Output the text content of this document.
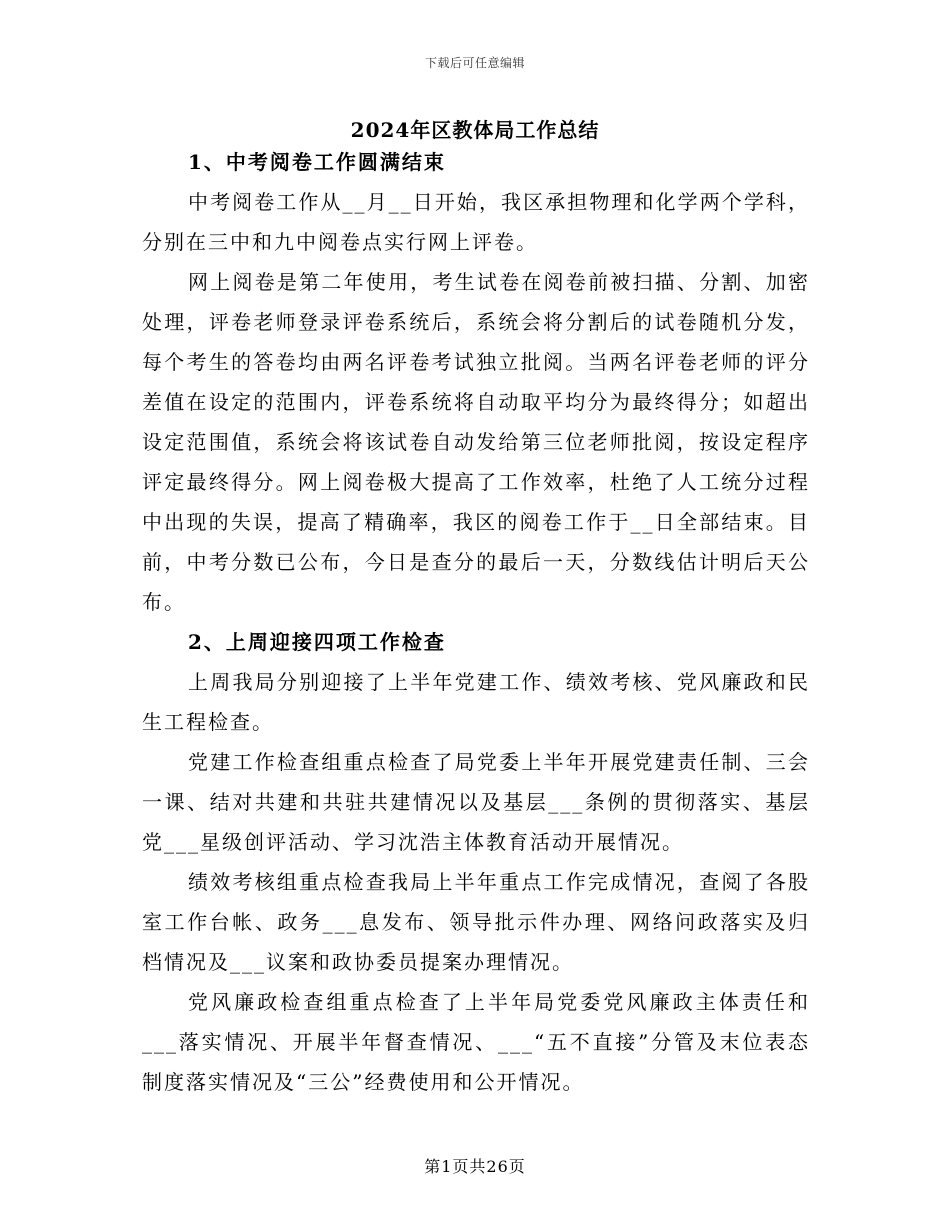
下载后可任意编辑
2024年区教体局工作总结
1、中考阅卷工作圆满结束

中考阅卷工作从__月__日开始，我区承担物理和化学两个学科，分别在三中和九中阅卷点实行网上评卷。

网上阅卷是第二年使用，考生试卷在阅卷前被扫描、分割、加密处理，评卷老师登录评卷系统后，系统会将分割后的试卷随机分发，每个考生的答卷均由两名评卷考试独立批阅。当两名评卷老师的评分差值在设定的范围内，评卷系统将自动取平均分为最终得分；如超出设定范围值，系统会将该试卷自动发给第三位老师批阅，按设定程序评定最终得分。网上阅卷极大提高了工作效率，杜绝了人工统分过程中出现的失误，提高了精确率，我区的阅卷工作于__日全部结束。目前，中考分数已公布，今日是查分的最后一天，分数线估计明后天公布。

2、上周迎接四项工作检查

上周我局分别迎接了上半年党建工作、绩效考核、党风廉政和民生工程检查。

党建工作检查组重点检查了局党委上半年开展党建责任制、三会一课、结对共建和共驻共建情况以及基层___条例的贯彻落实、基层党___星级创评活动、学习沈浩主体教育活动开展情况。

绩效考核组重点检查我局上半年重点工作完成情况，查阅了各股室工作台帐、政务___息发布、领导批示件办理、网络问政落实及归档情况及___议案和政协委员提案办理情况。

党风廉政检查组重点检查了上半年局党委党风廉政主体责任和___落实情况、开展半年督查情况、___“五不直接”分管及末位表态制度落实情况及“三公”经费使用和公开情况。

第1页共26页
